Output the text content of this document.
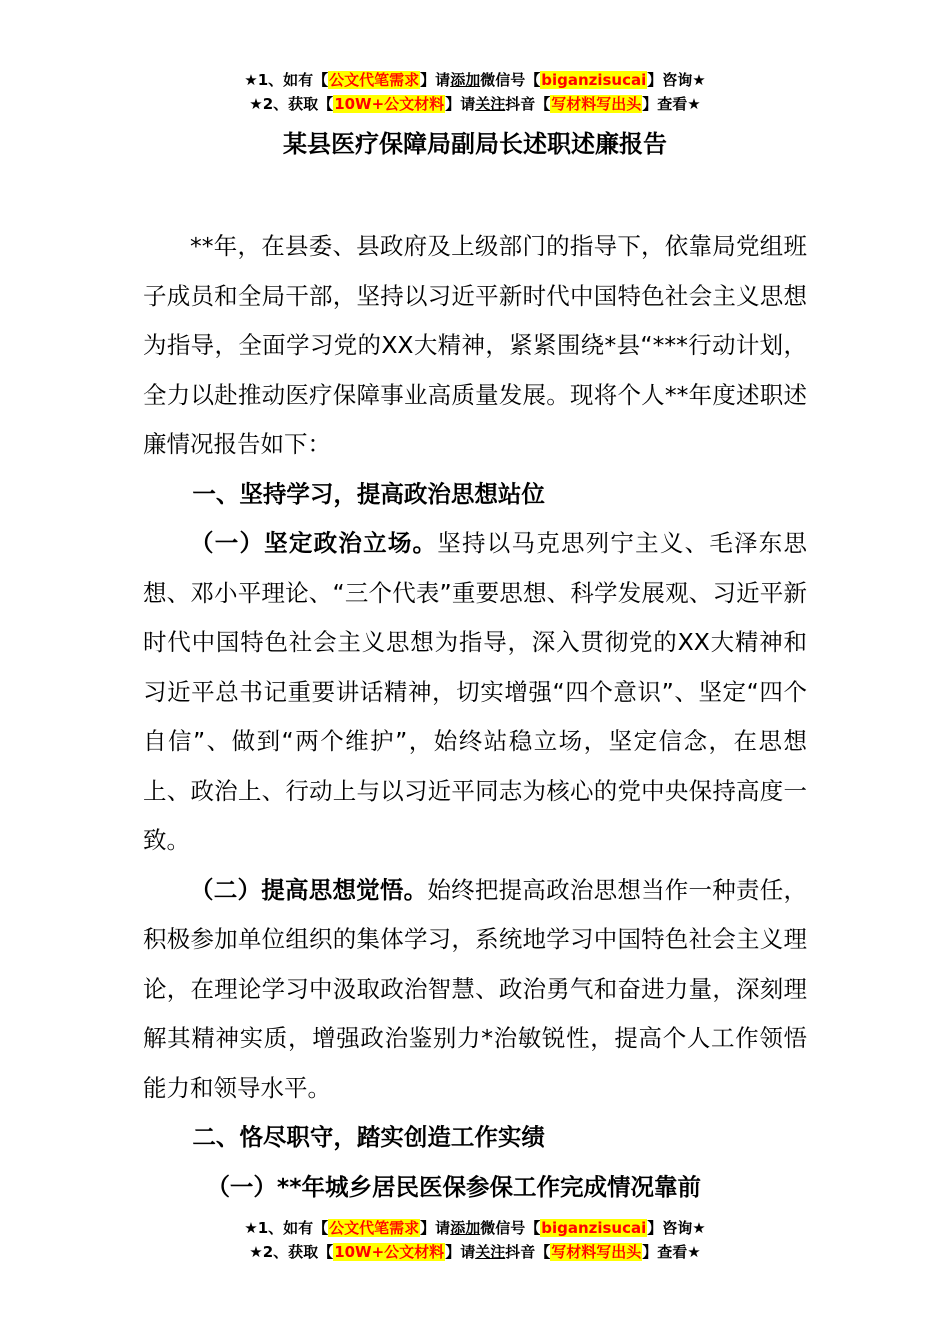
★1、如有【公文代笔需求】请添加微信号【biganzisucai】咨询★
★2、获取【10W+公文材料】请关注抖音【写材料写出头】查看★
某县医疗保障局副局长述职述廉报告

**年，在县委、县政府及上级部门的指导下，依靠局党组班子成员和全局干部，坚持以习近平新时代中国特色社会主义思想为指导，全面学习党的XX大精神，紧紧围绕*县“***行动计划，全力以赴推动医疗保障事业高质量发展。现将个人**年度述职述廉情况报告如下：

一、坚持学习，提高政治思想站位

（一）坚定政治立场。坚持以马克思列宁主义、毛泽东思想、邓小平理论、“三个代表”重要思想、科学发展观、习近平新时代中国特色社会主义思想为指导，深入贯彻党的XX大精神和习近平总书记重要讲话精神，切实增强“四个意识”、坚定“四个自信”、做到“两个维护”，始终站稳立场，坚定信念，在思想上、政治上、行动上与以习近平同志为核心的党中央保持高度一致。

（二）提高思想觉悟。始终把提高政治思想当作一种责任，积极参加单位组织的集体学习，系统地学习中国特色社会主义理论，在理论学习中汲取政治智慧、政治勇气和奋进力量，深刻理解其精神实质，增强政治鉴别力*治敏锐性，提高个人工作领悟能力和领导水平。

二、恪尽职守，踏实创造工作实绩

（一）**年城乡居民医保参保工作完成情况靠前

★1、如有【公文代笔需求】请添加微信号【biganzisucai】咨询★
★2、获取【10W+公文材料】请关注抖音【写材料写出头】查看★
